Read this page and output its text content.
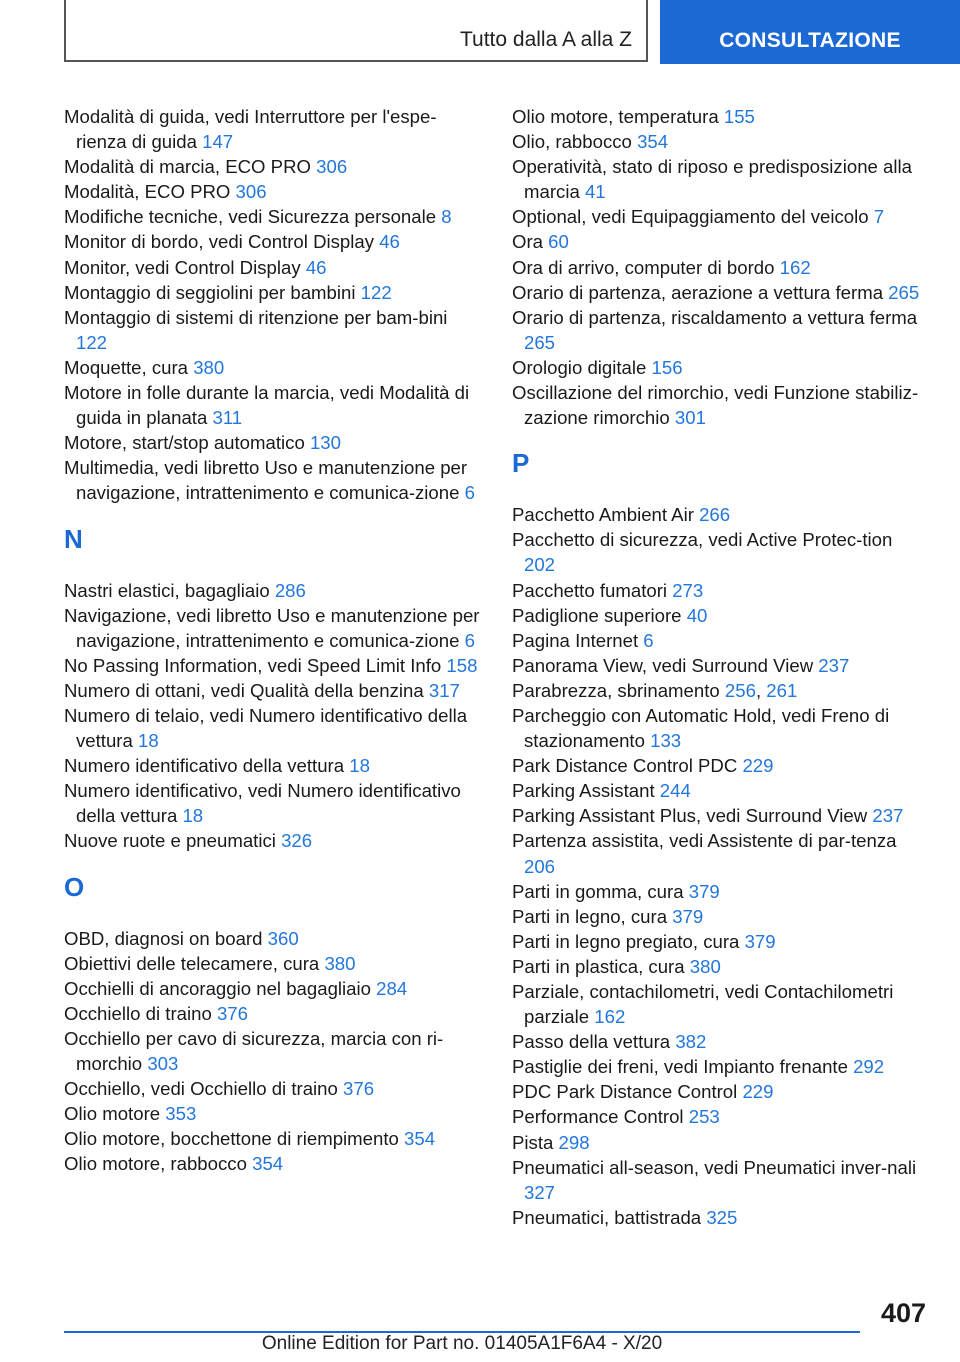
Tutto dalla A alla Z	CONSULTAZIONE
Modalità di guida, vedi Interruttore per l'espe-rienza di guida 147
Modalità di marcia, ECO PRO 306
Modalità, ECO PRO 306
Modifiche tecniche, vedi Sicurezza personale 8
Monitor di bordo, vedi Control Display 46
Monitor, vedi Control Display 46
Montaggio di seggiolini per bambini 122
Montaggio di sistemi di ritenzione per bam-bini 122
Moquette, cura 380
Motore in folle durante la marcia, vedi Modalità di guida in planata 311
Motore, start/stop automatico 130
Multimedia, vedi libretto Uso e manutenzione per navigazione, intrattenimento e comunica-zione 6
N
Nastri elastici, bagagliaio 286
Navigazione, vedi libretto Uso e manutenzione per navigazione, intrattenimento e comunica-zione 6
No Passing Information, vedi Speed Limit Info 158
Numero di ottani, vedi Qualità della benzina 317
Numero di telaio, vedi Numero identificativo della vettura 18
Numero identificativo della vettura 18
Numero identificativo, vedi Numero identificativo della vettura 18
Nuove ruote e pneumatici 326
O
OBD, diagnosi on board 360
Obiettivi delle telecamere, cura 380
Occhielli di ancoraggio nel bagagliaio 284
Occhiello di traino 376
Occhiello per cavo di sicurezza, marcia con ri-morchio 303
Occhiello, vedi Occhiello di traino 376
Olio motore 353
Olio motore, bocchettone di riempimento 354
Olio motore, rabbocco 354
Olio motore, temperatura 155
Olio, rabbocco 354
Operatività, stato di riposo e predisposizione alla marcia 41
Optional, vedi Equipaggiamento del veicolo 7
Ora 60
Ora di arrivo, computer di bordo 162
Orario di partenza, aerazione a vettura ferma 265
Orario di partenza, riscaldamento a vettura ferma 265
Orologio digitale 156
Oscillazione del rimorchio, vedi Funzione stabiliz-zazione rimorchio 301
P
Pacchetto Ambient Air 266
Pacchetto di sicurezza, vedi Active Protec-tion 202
Pacchetto fumatori 273
Padiglione superiore 40
Pagina Internet 6
Panorama View, vedi Surround View 237
Parabrezza, sbrinamento 256, 261
Parcheggio con Automatic Hold, vedi Freno di stazionamento 133
Park Distance Control PDC 229
Parking Assistant 244
Parking Assistant Plus, vedi Surround View 237
Partenza assistita, vedi Assistente di par-tenza 206
Parti in gomma, cura 379
Parti in legno, cura 379
Parti in legno pregiato, cura 379
Parti in plastica, cura 380
Parziale, contachilometri, vedi Contachilometri parziale 162
Passo della vettura 382
Pastiglie dei freni, vedi Impianto frenante 292
PDC Park Distance Control 229
Performance Control 253
Pista 298
Pneumatici all-season, vedi Pneumatici inver-nali 327
Pneumatici, battistrada 325
407
Online Edition for Part no. 01405A1F6A4 - X/20
